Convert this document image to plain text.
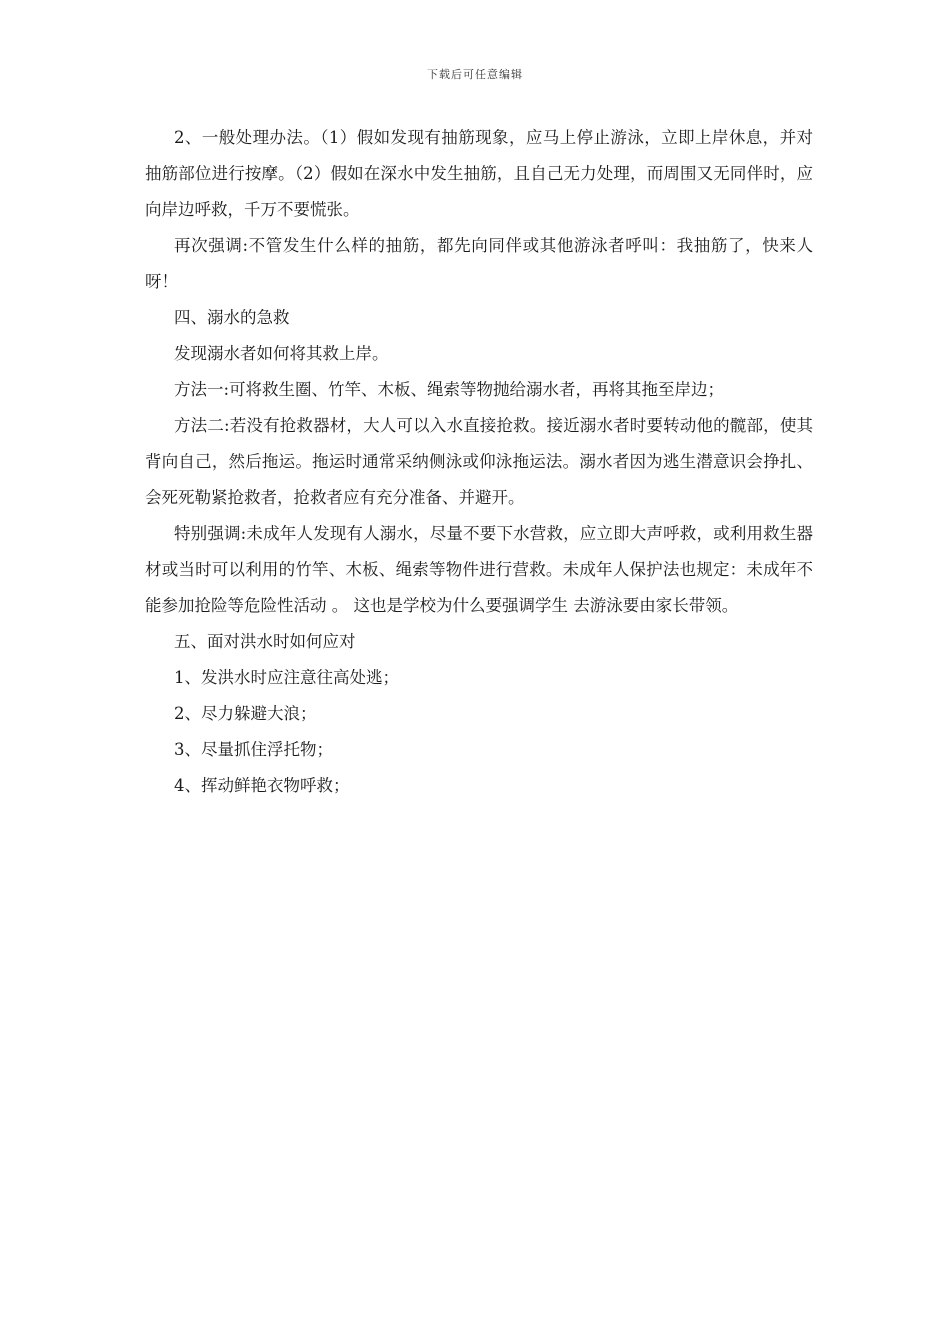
下载后可任意编辑

2、一般处理办法。（1）假如发现有抽筋现象，应马上停止游泳，立即上岸休息，并对抽筋部位进行按摩。（2）假如在深水中发生抽筋，且自己无力处理，而周围又无同伴时，应向岸边呼救，千万不要慌张。

再次强调:不管发生什么样的抽筋，都先向同伴或其他游泳者呼叫：我抽筋了，快来人呀！

四、溺水的急救

发现溺水者如何将其救上岸。

方法一:可将救生圈、竹竿、木板、绳索等物抛给溺水者，再将其拖至岸边；

方法二:若没有抢救器材，大人可以入水直接抢救。接近溺水者时要转动他的髋部，使其背向自己，然后拖运。拖运时通常采纳侧泳或仰泳拖运法。溺水者因为逃生潜意识会挣扎、会死死勒紧抢救者，抢救者应有充分准备、并避开。

特别强调:未成年人发现有人溺水，尽量不要下水营救，应立即大声呼救，或利用救生器材或当时可以利用的竹竿、木板、绳索等物件进行营救。未成年人保护法也规定：未成年不能参加抢险等危险性活动 。 这也是学校为什么要强调学生 去游泳要由家长带领。

五、面对洪水时如何应对

1、发洪水时应注意往高处逃；

2、尽力躲避大浪；

3、尽量抓住浮托物；

4、挥动鲜艳衣物呼救；
